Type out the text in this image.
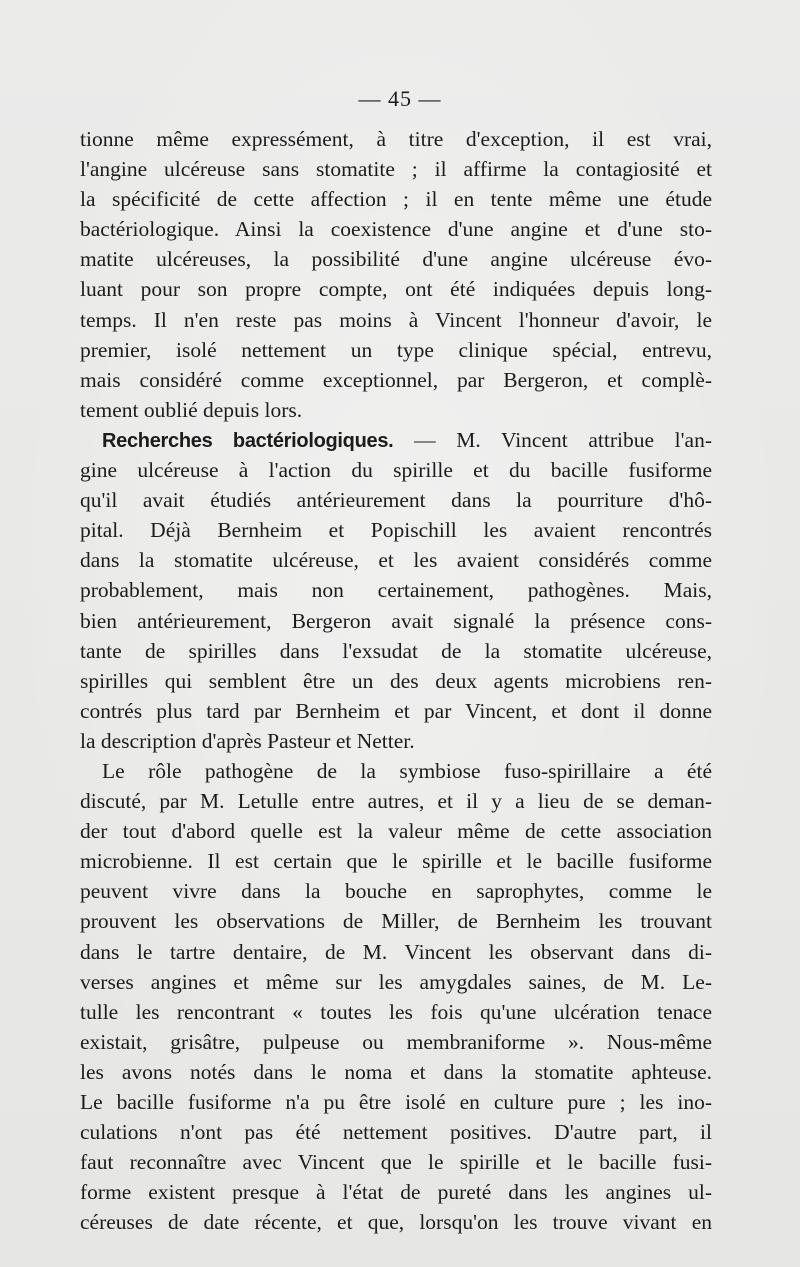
— 45 —
tionne même expressément, à titre d'exception, il est vrai,
l'angine ulcéreuse sans stomatite ; il affirme la contagiosité et
la spécificité de cette affection ; il en tente même une étude
bactériologique. Ainsi la coexistence d'une angine et d'une sto-
matite ulcéreuses, la possibilité d'une angine ulcéreuse évo-
luant pour son propre compte, ont été indiquées depuis long-
temps. Il n'en reste pas moins à Vincent l'honneur d'avoir, le
premier, isolé nettement un type clinique spécial, entrevu,
mais considéré comme exceptionnel, par Bergeron, et complè-
tement oublié depuis lors.
Recherches bactériologiques. — M. Vincent attribue l'an-
gine ulcéreuse à l'action du spirille et du bacille fusiforme
qu'il avait étudiés antérieurement dans la pourriture d'hô-
pital. Déjà Bernheim et Popischill les avaient rencontrés
dans la stomatite ulcéreuse, et les avaient considérés comme
probablement, mais non certainement, pathogènes. Mais,
bien antérieurement, Bergeron avait signalé la présence cons-
tante de spirilles dans l'exsudat de la stomatite ulcéreuse,
spirilles qui semblent être un des deux agents microbiens ren-
contrés plus tard par Bernheim et par Vincent, et dont il donne
la description d'après Pasteur et Netter.
Le rôle pathogène de la symbiose fuso-spirillaire a été
discuté, par M. Letulle entre autres, et il y a lieu de se deman-
der tout d'abord quelle est la valeur même de cette association
microbienne. Il est certain que le spirille et le bacille fusiforme
peuvent vivre dans la bouche en saprophytes, comme le
prouvent les observations de Miller, de Bernheim les trouvant
dans le tartre dentaire, de M. Vincent les observant dans di-
verses angines et même sur les amygdales saines, de M. Le-
tulle les rencontrant « toutes les fois qu'une ulcération tenace
existait, grisâtre, pulpeuse ou membraniforme ». Nous-même
les avons notés dans le noma et dans la stomatite aphteuse.
Le bacille fusiforme n'a pu être isolé en culture pure ; les ino-
culations n'ont pas été nettement positives. D'autre part, il
faut reconnaître avec Vincent que le spirille et le bacille fusi-
forme existent presque à l'état de pureté dans les angines ul-
céreuses de date récente, et que, lorsqu'on les trouve vivant en
